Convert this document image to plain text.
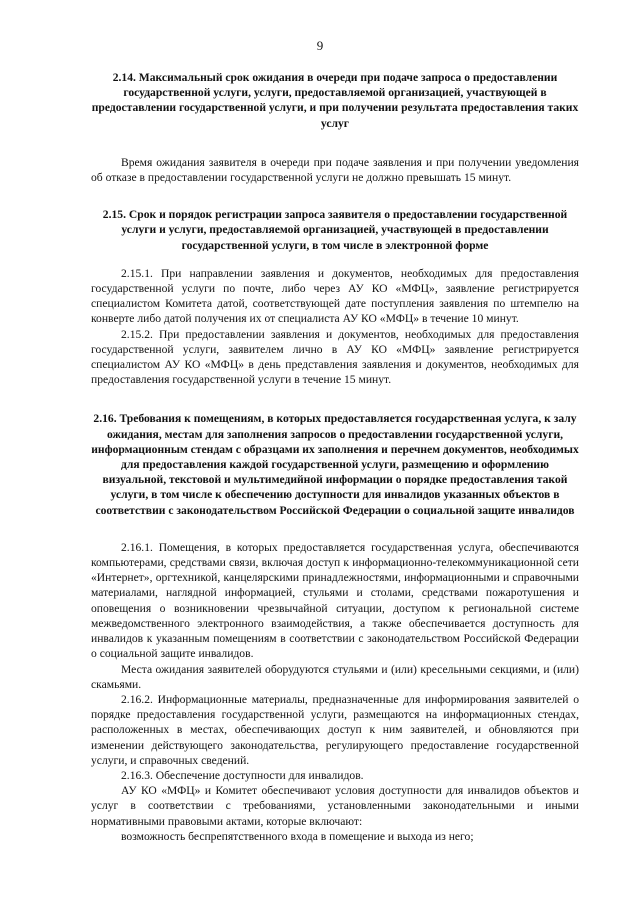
9

2.14. Максимальный срок ожидания в очереди при подаче запроса о предоставлении государственной услуги, услуги, предоставляемой организацией, участвующей в предоставлении государственной услуги, и при получении результата предоставления таких услуг

Время ожидания заявителя в очереди при подаче заявления и при получении уведомления об отказе в предоставлении государственной услуги не должно превышать 15 минут.

2.15. Срок и порядок регистрации запроса заявителя о предоставлении государственной услуги и услуги, предоставляемой организацией, участвующей в предоставлении государственной услуги, в том числе в электронной форме

2.15.1. При направлении заявления и документов, необходимых для предоставления государственной услуги по почте, либо через АУ КО «МФЦ», заявление регистрируется специалистом Комитета датой, соответствующей дате поступления заявления по штемпелю на конверте либо датой получения их от специалиста АУ КО «МФЦ» в течение 10 минут.

2.15.2. При предоставлении заявления и документов, необходимых для предоставления государственной услуги, заявителем лично в АУ КО «МФЦ» заявление регистрируется специалистом АУ КО «МФЦ» в день представления заявления и документов, необходимых для предоставления государственной услуги в течение 15 минут.

2.16. Требования к помещениям, в которых предоставляется государственная услуга, к залу ожидания, местам для заполнения запросов о предоставлении государственной услуги, информационным стендам с образцами их заполнения и перечнем документов, необходимых для предоставления каждой государственной услуги, размещению и оформлению визуальной, текстовой и мультимедийной информации о порядке предоставления такой услуги, в том числе к обеспечению доступности для инвалидов указанных объектов в соответствии с законодательством Российской Федерации о социальной защите инвалидов

2.16.1. Помещения, в которых предоставляется государственная услуга, обеспечиваются компьютерами, средствами связи, включая доступ к информационно-телекоммуникационной сети «Интернет», оргтехникой, канцелярскими принадлежностями, информационными и справочными материалами, наглядной информацией, стульями и столами, средствами пожаротушения и оповещения о возникновении чрезвычайной ситуации, доступом к региональной системе межведомственного электронного взаимодействия, а также обеспечивается доступность для инвалидов к указанным помещениям в соответствии с законодательством Российской Федерации о социальной защите инвалидов.

Места ожидания заявителей оборудуются стульями и (или) кресельными секциями, и (или) скамьями.

2.16.2. Информационные материалы, предназначенные для информирования заявителей о порядке предоставления государственной услуги, размещаются на информационных стендах, расположенных в местах, обеспечивающих доступ к ним заявителей, и обновляются при изменении действующего законодательства, регулирующего предоставление государственной услуги, и справочных сведений.

2.16.3. Обеспечение доступности для инвалидов.

АУ КО «МФЦ» и Комитет обеспечивают условия доступности для инвалидов объектов и услуг в соответствии с требованиями, установленными законодательными и иными нормативными правовыми актами, которые включают:

возможность беспрепятственного входа в помещение и выхода из него;
